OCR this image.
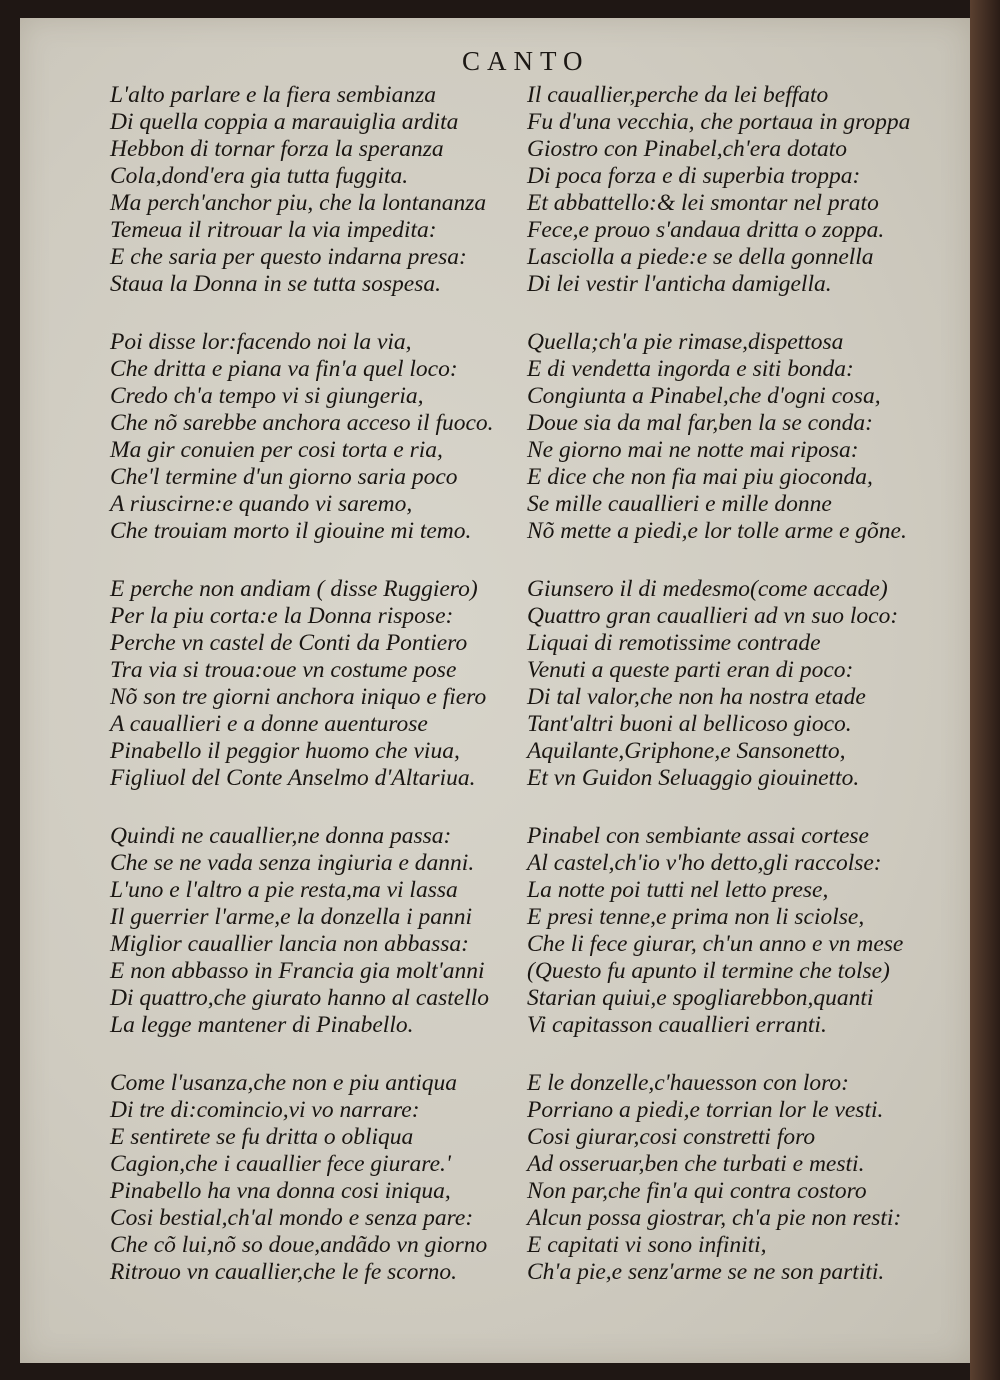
CANTO
L'alto parlare e la fiera sembianza
Di quella coppia a marauiglia ardita
Hebbon di tornar forza la speranza
Cola,dond'era gia tutta fuggita.
Ma perch'anchor piu, che la lontananza
Temeua il ritrouar la via impedita:
E che saria per questo indarna presa:
Staua la Donna in se tutta sospesa.
Poi disse lor:facendo noi la via,
Che dritta e piana va fin'a quel loco:
Credo ch'a tempo vi si giungeria,
Che nõ sarebbe anchora acceso il fuoco.
Ma gir conuien per cosi torta e ria,
Che'l termine d'un giorno saria poco
A riuscirne:e quando vi saremo,
Che trouiam morto il giouine mi temo.
E perche non andiam ( disse Ruggiero)
Per la piu corta:e la Donna rispose:
Perche vn castel de Conti da Pontiero
Tra via si troua:oue vn costume pose
Nõ son tre giorni anchora iniquo e fiero
A cauallieri e a donne auenturose
Pinabello il peggior huomo che viua,
Figliuol del Conte Anselmo d'Altariua.
Quindi ne cauallier,ne donna passa:
Che se ne vada senza ingiuria e danni.
L'uno e l'altro a pie resta,ma vi lassa
Il guerrier l'arme,e la donzella i panni
Miglior cauallier lancia non abbassa:
E non abbasso in Francia gia molt'anni
Di quattro,che giurato hanno al castello
La legge mantener di Pinabello.
Come l'usanza,che non e piu antiqua
Di tre di:comincio,vi vo narrare:
E sentirete se fu dritta o obliqua
Cagion,che i cauallier fece giurare.'
Pinabello ha vna donna cosi iniqua,
Cosi bestial,ch'al mondo e senza pare:
Che cõ lui,nõ so doue,andãdo vn giorno
Ritrouo vn cauallier,che le fe scorno.
Il cauallier,perche da lei beffato
Fu d'una vecchia, che portaua in groppa
Giostro con Pinabel,ch'era dotato
Di poca forza e di superbia troppa:
Et abbattello:& lei smontar nel prato
Fece,e prouo s'andaua dritta o zoppa.
Lasciolla a piede:e se della gonnella
Di lei vestir l'anticha damigella.
Quella;ch'a pie rimase,dispettosa
E di vendetta ingorda e siti bonda:
Congiunta a Pinabel,che d'ogni cosa,
Doue sia da mal far,ben la se conda:
Ne giorno mai ne notte mai riposa:
E dice che non fia mai piu gioconda,
Se mille cauallieri e mille donne
Nõ mette a piedi,e lor tolle arme e gõne.
Giunsero il di medesmo(come accade)
Quattro gran cauallieri ad vn suo loco:
Liquai di remotissime contrade
Venuti a queste parti eran di poco:
Di tal valor,che non ha nostra etade
Tant'altri buoni al bellicoso gioco.
Aquilante,Griphone,e Sansonetto,
Et vn Guidon Seluaggio giouinetto.
Pinabel con sembiante assai cortese
Al castel,ch'io v'ho detto,gli raccolse:
La notte poi tutti nel letto prese,
E presi tenne,e prima non li sciolse,
Che li fece giurar, ch'un anno e vn mese
(Questo fu apunto il termine che tolse)
Starian quiui,e spogliarebbon,quanti
Vi capitasson cauallieri erranti.
E le donzelle,c'hauesson con loro:
Porriano a piedi,e torrian lor le vesti.
Cosi giurar,cosi constretti foro
Ad osseruar,ben che turbati e mesti.
Non par,che fin'a qui contra costoro
Alcun possa giostrar, ch'a pie non resti:
E capitati vi sono infiniti,
Ch'a pie,e senz'arme se ne son partiti.
